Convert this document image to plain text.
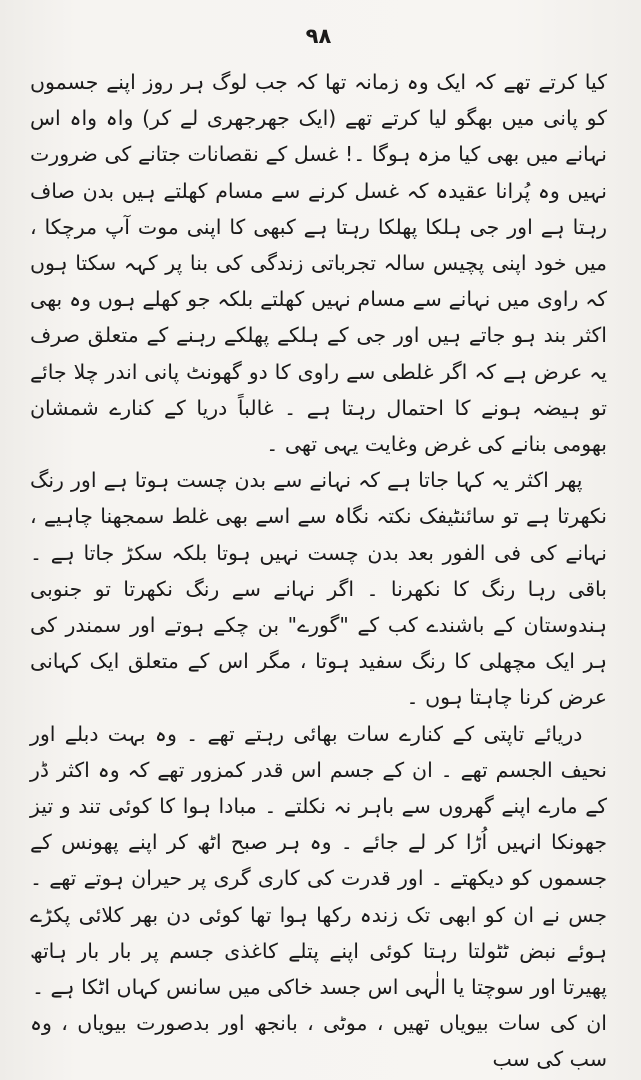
۹۸

کیا کرتے تھے کہ ایک وہ زمانہ تھا کہ جب لوگ ہر روز اپنے جسموں کو پانی میں بھگو لیا کرتے تھے (ایک جھرجھری لے کر) واہ واہ اس نہانے میں بھی کیا مزہ ہوگا ۔! غسل کے نقصانات جتانے کی ضرورت نہیں وہ پُرانا عقیدہ کہ غسل کرنے سے مسام کھلتے ہیں بدن صاف رہتا ہے اور جی ہلکا پھلکا رہتا ہے کبھی کا اپنی موت آپ مرچکا ، میں خود اپنی پچیس سالہ تجرباتی زندگی کی بنا پر کہہ سکتا ہوں کہ راوی میں نہانے سے مسام نہیں کھلتے بلکہ جو کھلے ہوں وہ بھی اکثر بند ہو جاتے ہیں اور جی کے ہلکے پھلکے رہنے کے متعلق صرف یہ عرض ہے کہ اگر غلطی سے راوی کا دو گھونٹ پانی اندر چلا جائے تو ہیضہ ہونے کا احتمال رہتا ہے ۔ غالباً دریا کے کنارے شمشان بھومی بنانے کی غرض وغایت یہی تھی ۔

پھر اکثر یہ کہا جاتا ہے کہ نہانے سے بدن چست ہوتا ہے اور رنگ نکھرتا ہے تو سائنٹیفک نکتہ نگاہ سے اسے بھی غلط سمجھنا چاہیے ، نہانے کی فی الفور بعد بدن چست نہیں ہوتا بلکہ سکڑ جاتا ہے ۔ باقی رہا رنگ کا نکھرنا ۔ اگر نہانے سے رنگ نکھرتا تو جنوبی ہندوستان کے باشندے کب کے "گورے" بن چکے ہوتے اور سمندر کی ہر ایک مچھلی کا رنگ سفید ہوتا ، مگر اس کے متعلق ایک کہانی عرض کرنا چاہتا ہوں ۔

دریائے تاپتی کے کنارے سات بھائی رہتے تھے ۔ وہ بہت دبلے اور نحیف الجسم تھے ۔ ان کے جسم اس قدر کمزور تھے کہ وہ اکثر ڈر کے مارے اپنے گھروں سے باہر نہ نکلتے ۔ مبادا ہوا کا کوئی تند و تیز جھونکا انہیں اُڑا کر لے جائے ۔ وہ ہر صبح اٹھ کر اپنے پھونس کے جسموں کو دیکھتے ۔ اور قدرت کی کاری گری پر حیران ہوتے تھے ۔ جس نے ان کو ابھی تک زندہ رکھا ہوا تھا کوئی دن بھر کلائی پکڑے ہوئے نبض ٹٹولتا رہتا کوئی اپنے پتلے کاغذی جسم پر بار بار ہاتھ پھیرتا اور سوچتا یا الٰہی اس جسد خاکی میں سانس کہاں اٹکا ہے ۔

ان کی سات بیویاں تھیں ، موٹی ، بانجھ اور بدصورت بیویاں ، وہ سب کی سب
